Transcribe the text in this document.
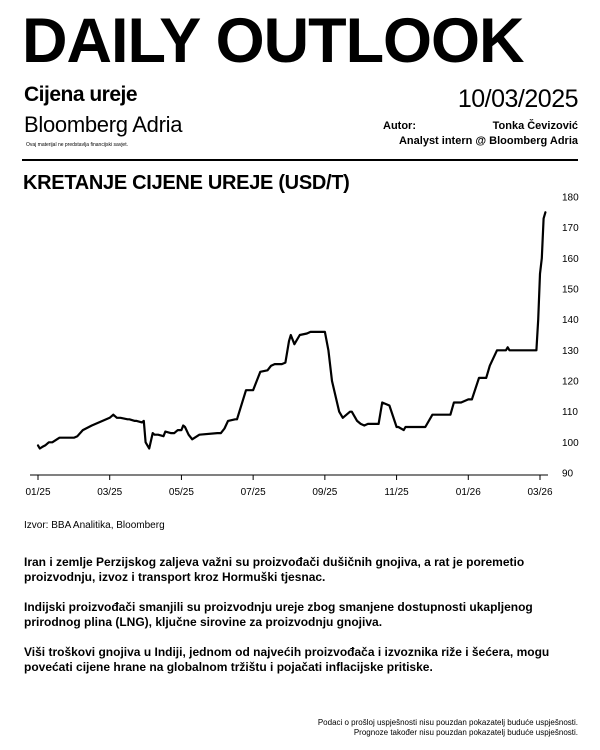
DAILY OUTLOOK
Cijena ureje	10/03/2025
Bloomberg Adria	Autor:	Tonka Čevizović
Analyst intern @ Bloomberg Adria
Ovaj materijal ne predstavlja financijski savjet.
KRETANJE CIJENE UREJE (USD/T)
01/25	03/25	05/25	07/25	09/25	11/25	01/26	03/26
90
100
110
120
130
140
150
160
170
180
Izvor: BBA Analitika, Bloomberg

Iran i zemlje Perzijskog zaljeva važni su proizvođači dušičnih gnojiva, a rat je poremetio proizvodnju, izvoz i transport kroz Hormuški tjesnac.

Indijski proizvođači smanjili su proizvodnju ureje zbog smanjene dostupnosti ukapljenog prirodnog plina (LNG), ključne sirovine za proizvodnju gnojiva.

Viši troškovi gnojiva u Indiji, jednom od najvećih proizvođača i izvoznika riže i šećera, mogu povećati cijene hrane na globalnom tržištu i pojačati inflacijske pritiske.

Podaci o prošloj uspješnosti nisu pouzdan pokazatelj buduće uspješnosti.
Prognoze također nisu pouzdan pokazatelj buduće uspješnosti.
